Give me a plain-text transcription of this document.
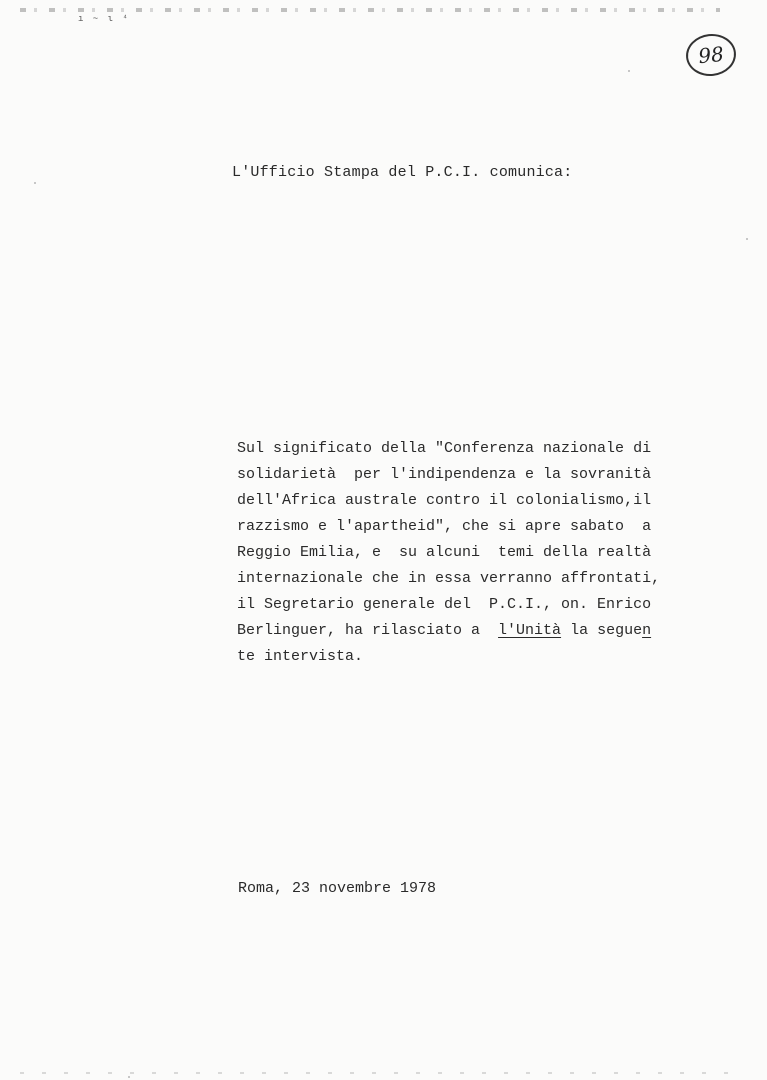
ı ~ ι ⁴
98
L'Ufficio Stampa del P.C.I. comunica:
Sul significato della "Conferenza nazionale di
solidarietà  per l'indipendenza e la sovranità
dell'Africa australe contro il colonialismo,il
razzismo e l'apartheid", che si apre sabato  a
Reggio Emilia, e  su alcuni  temi della realtà
internazionale che in essa verranno affrontati,
il Segretario generale del  P.C.I., on. Enrico
Berlinguer, ha rilasciato a  l'Unità la seguen
te intervista.
Roma, 23 novembre 1978
